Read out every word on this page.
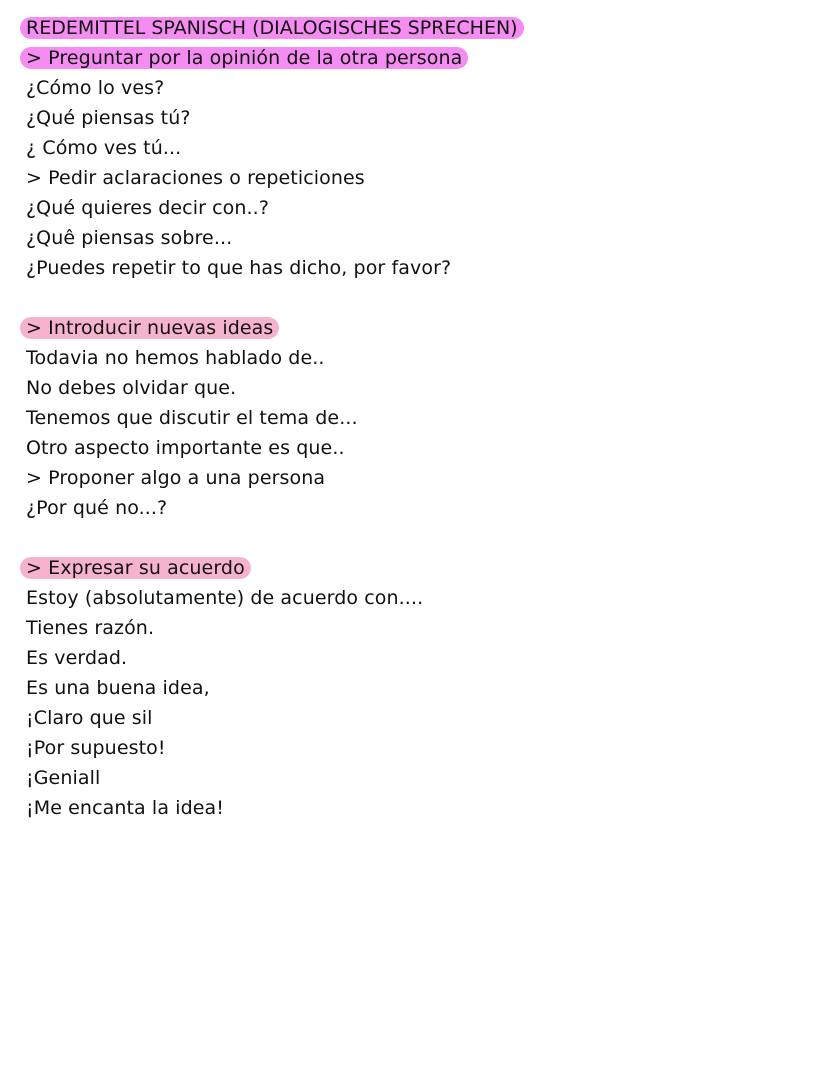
REDEMITTEL SPANISCH (DIALOGISCHES SPRECHEN)
> Preguntar por la opinión de la otra persona
¿Cómo lo ves?
¿Qué piensas tú?
¿ Cómo ves tú...
> Pedir aclaraciones o repeticiones
¿Qué quieres decir con..?
¿Quê piensas sobre...
¿Puedes repetir to que has dicho, por favor?
> Introducir nuevas ideas
Todavia no hemos hablado de..
No debes olvidar que.
Tenemos que discutir el tema de...
Otro aspecto importante es que..
> Proponer algo a una persona
¿Por qué no...?
> Expresar su acuerdo
Estoy (absolutamente) de acuerdo con....
Tienes razón.
Es verdad.
Es una buena idea,
¡Claro que sil
¡Por supuesto!
¡Geniall
¡Me encanta la idea!
